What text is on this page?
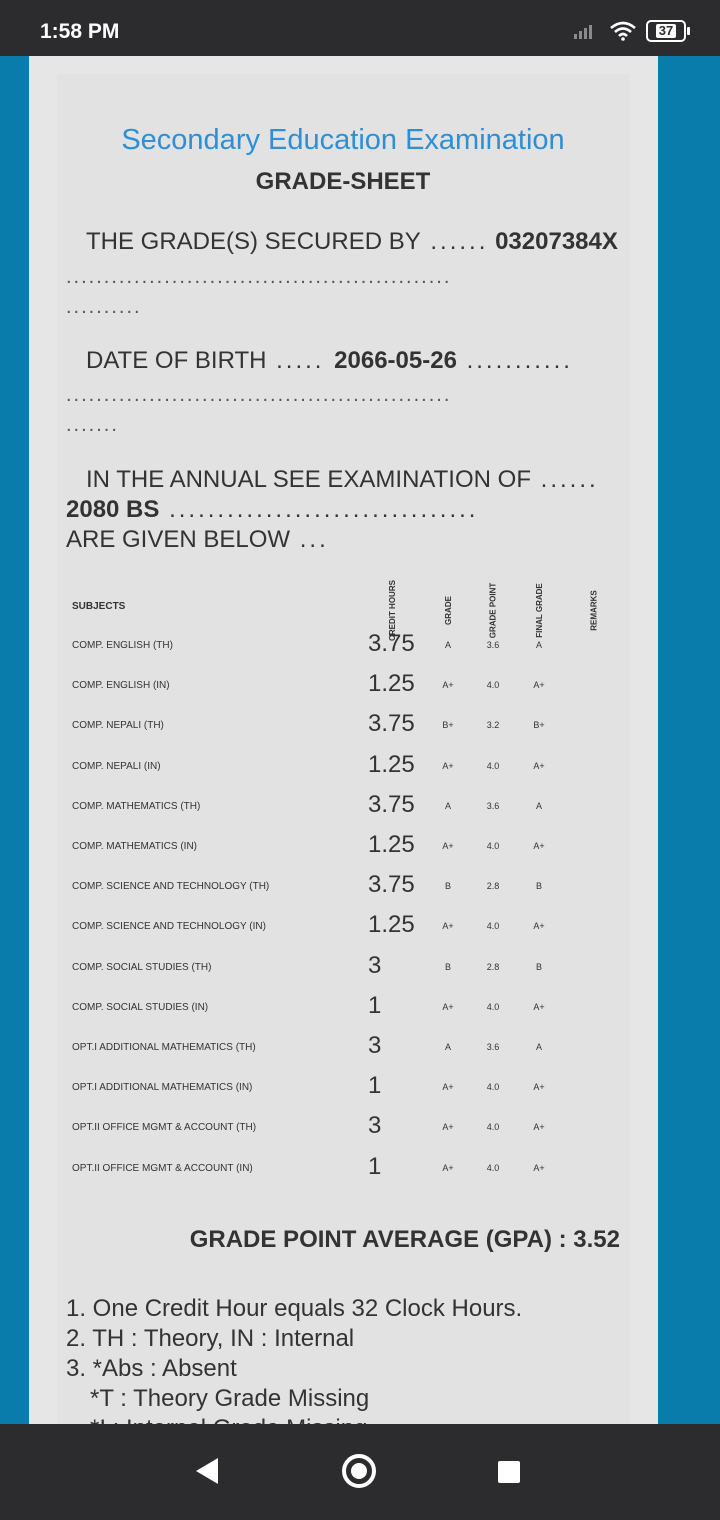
1:58 PM	37
Secondary Education Examination
GRADE-SHEET
THE GRADE(S) SECURED BY ...... 03207384X
...................................................
..........
DATE OF BIRTH ..... 2066-05-26 ...........
...................................................
.......
IN THE ANNUAL SEE EXAMINATION OF ......
2080 BS ................................
ARE GIVEN BELOW ...
SUBJECTS	CREDIT HOURS	GRADE	GRADE POINT	FINAL GRADE	REMARKS
COMP. ENGLISH (TH)	3.75	A	3.6	A
COMP. ENGLISH (IN)	1.25	A+	4.0	A+
COMP. NEPALI (TH)	3.75	B+	3.2	B+
COMP. NEPALI (IN)	1.25	A+	4.0	A+
COMP. MATHEMATICS (TH)	3.75	A	3.6	A
COMP. MATHEMATICS (IN)	1.25	A+	4.0	A+
COMP. SCIENCE AND TECHNOLOGY (TH)	3.75	B	2.8	B
COMP. SCIENCE AND TECHNOLOGY (IN)	1.25	A+	4.0	A+
COMP. SOCIAL STUDIES (TH)	3	B	2.8	B
COMP. SOCIAL STUDIES (IN)	1	A+	4.0	A+
OPT.I ADDITIONAL MATHEMATICS (TH)	3	A	3.6	A
OPT.I ADDITIONAL MATHEMATICS (IN)	1	A+	4.0	A+
OPT.II OFFICE MGMT & ACCOUNT (TH)	3	A+	4.0	A+
OPT.II OFFICE MGMT & ACCOUNT (IN)	1	A+	4.0	A+
GRADE POINT AVERAGE (GPA) : 3.52
1. One Credit Hour equals 32 Clock Hours.
2. TH : Theory, IN : Internal
3. *Abs : Absent
*T : Theory Grade Missing
